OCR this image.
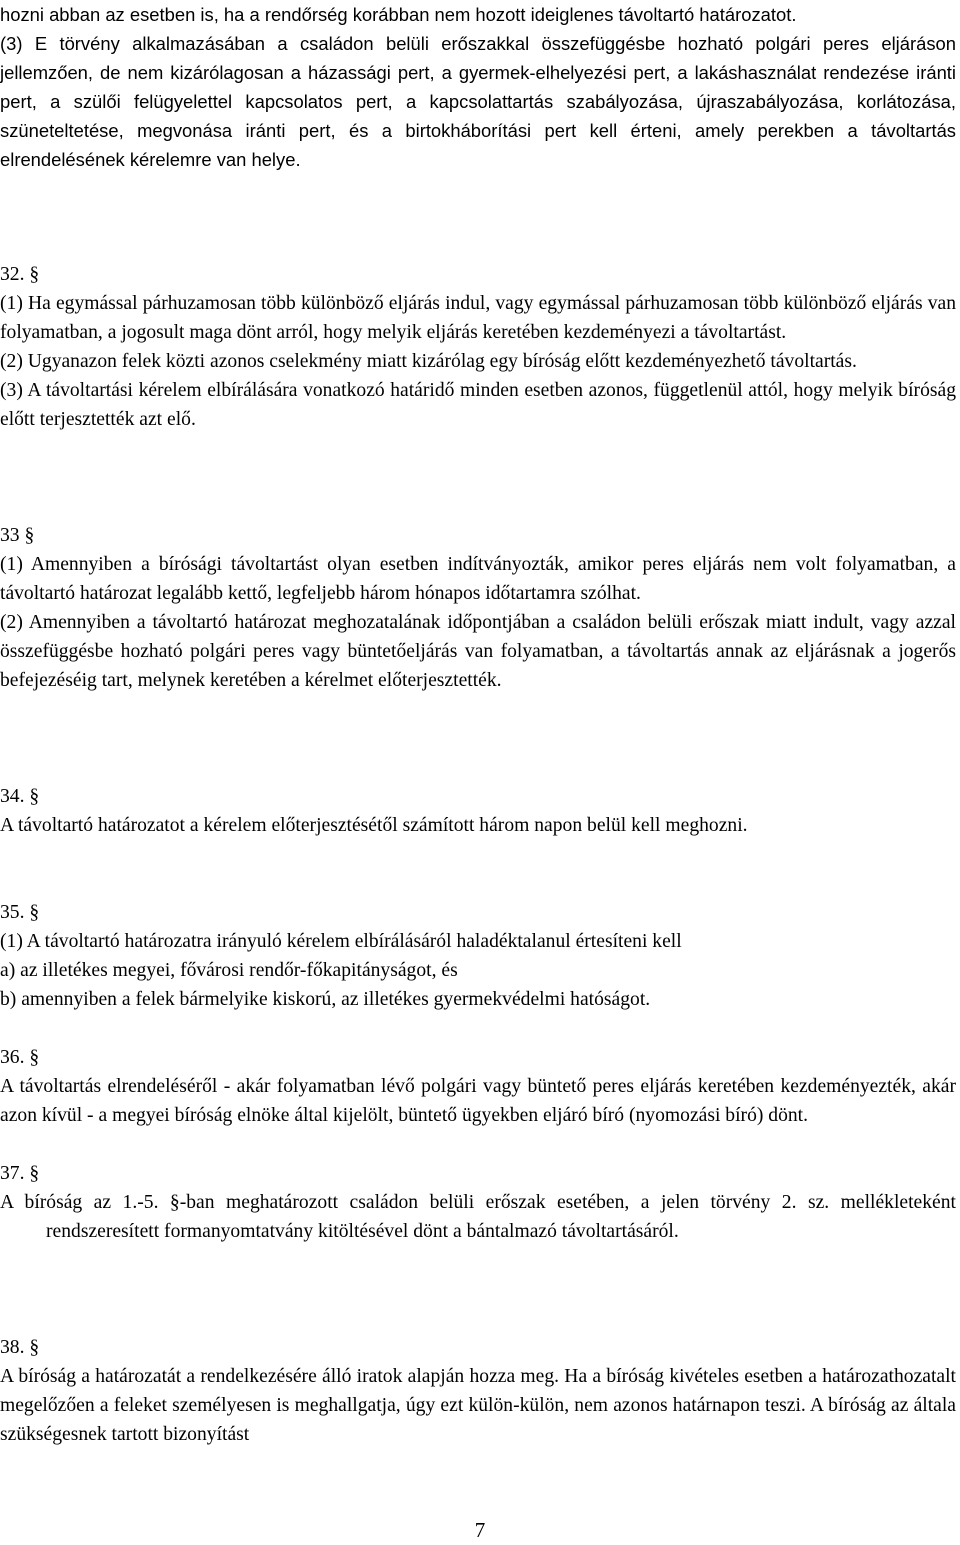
hozni abban az esetben is, ha a rendőrség korábban nem hozott ideiglenes távoltartó határozatot.

(3) E törvény alkalmazásában a családon belüli erőszakkal összefüggésbe hozható polgári peres eljáráson jellemzően, de nem kizárólagosan a házassági pert, a gyermek-elhelyezési pert, a lakáshasználat rendezése iránti pert, a szülői felügyelettel kapcsolatos pert, a kapcsolattartás szabályozása, újraszabályozása, korlátozása, szüneteltetése, megvonása iránti pert, és a birtokháborítási pert kell érteni, amely perekben a távoltartás elrendelésének kérelemre van helye.

32. §

(1) Ha egymással párhuzamosan több különböző eljárás indul, vagy egymással párhuzamosan több különböző eljárás van folyamatban, a jogosult maga dönt arról, hogy melyik eljárás keretében kezdeményezi a távoltartást.

(2) Ugyanazon felek közti azonos cselekmény miatt kizárólag egy bíróság előtt kezdeményezhető távoltartás.

(3) A távoltartási kérelem elbírálására vonatkozó határidő minden esetben azonos, függetlenül attól, hogy melyik bíróság előtt terjesztették azt elő.

33 §

(1) Amennyiben a bírósági távoltartást olyan esetben indítványozták, amikor peres eljárás nem volt folyamatban, a távoltartó határozat legalább kettő, legfeljebb három hónapos időtartamra szólhat.

(2) Amennyiben a távoltartó határozat meghozatalának időpontjában a családon belüli erőszak miatt indult, vagy azzal összefüggésbe hozható polgári peres vagy büntetőeljárás van folyamatban, a távoltartás annak az eljárásnak a jogerős befejezéséig tart, melynek keretében a kérelmet előterjesztették.

34. §

A távoltartó határozatot a kérelem előterjesztésétől számított három napon belül kell meghozni.

35. §

(1) A távoltartó határozatra irányuló kérelem elbírálásáról haladéktalanul értesíteni kell

a) az illetékes megyei, fővárosi rendőr-főkapitányságot, és

b) amennyiben a felek bármelyike kiskorú, az illetékes gyermekvédelmi hatóságot.

36. §

A távoltartás elrendeléséről - akár folyamatban lévő polgári vagy büntető peres eljárás keretében kezdeményezték, akár azon kívül - a megyei bíróság elnöke által kijelölt, büntető ügyekben eljáró bíró (nyomozási bíró) dönt.

37. §

A bíróság az 1.-5. §-ban meghatározott családon belüli erőszak esetében, a jelen törvény 2. sz. mellékleteként rendszeresített formanyomtatvány kitöltésével dönt a bántalmazó távoltartásáról.

38. §

A bíróság a határozatát a rendelkezésére álló iratok alapján hozza meg. Ha a bíróság kivételes esetben a határozathozatalt megelőzően a feleket személyesen is meghallgatja, úgy ezt külön-külön, nem azonos határnapon teszi. A bíróság az általa szükségesnek tartott bizonyítást

7
